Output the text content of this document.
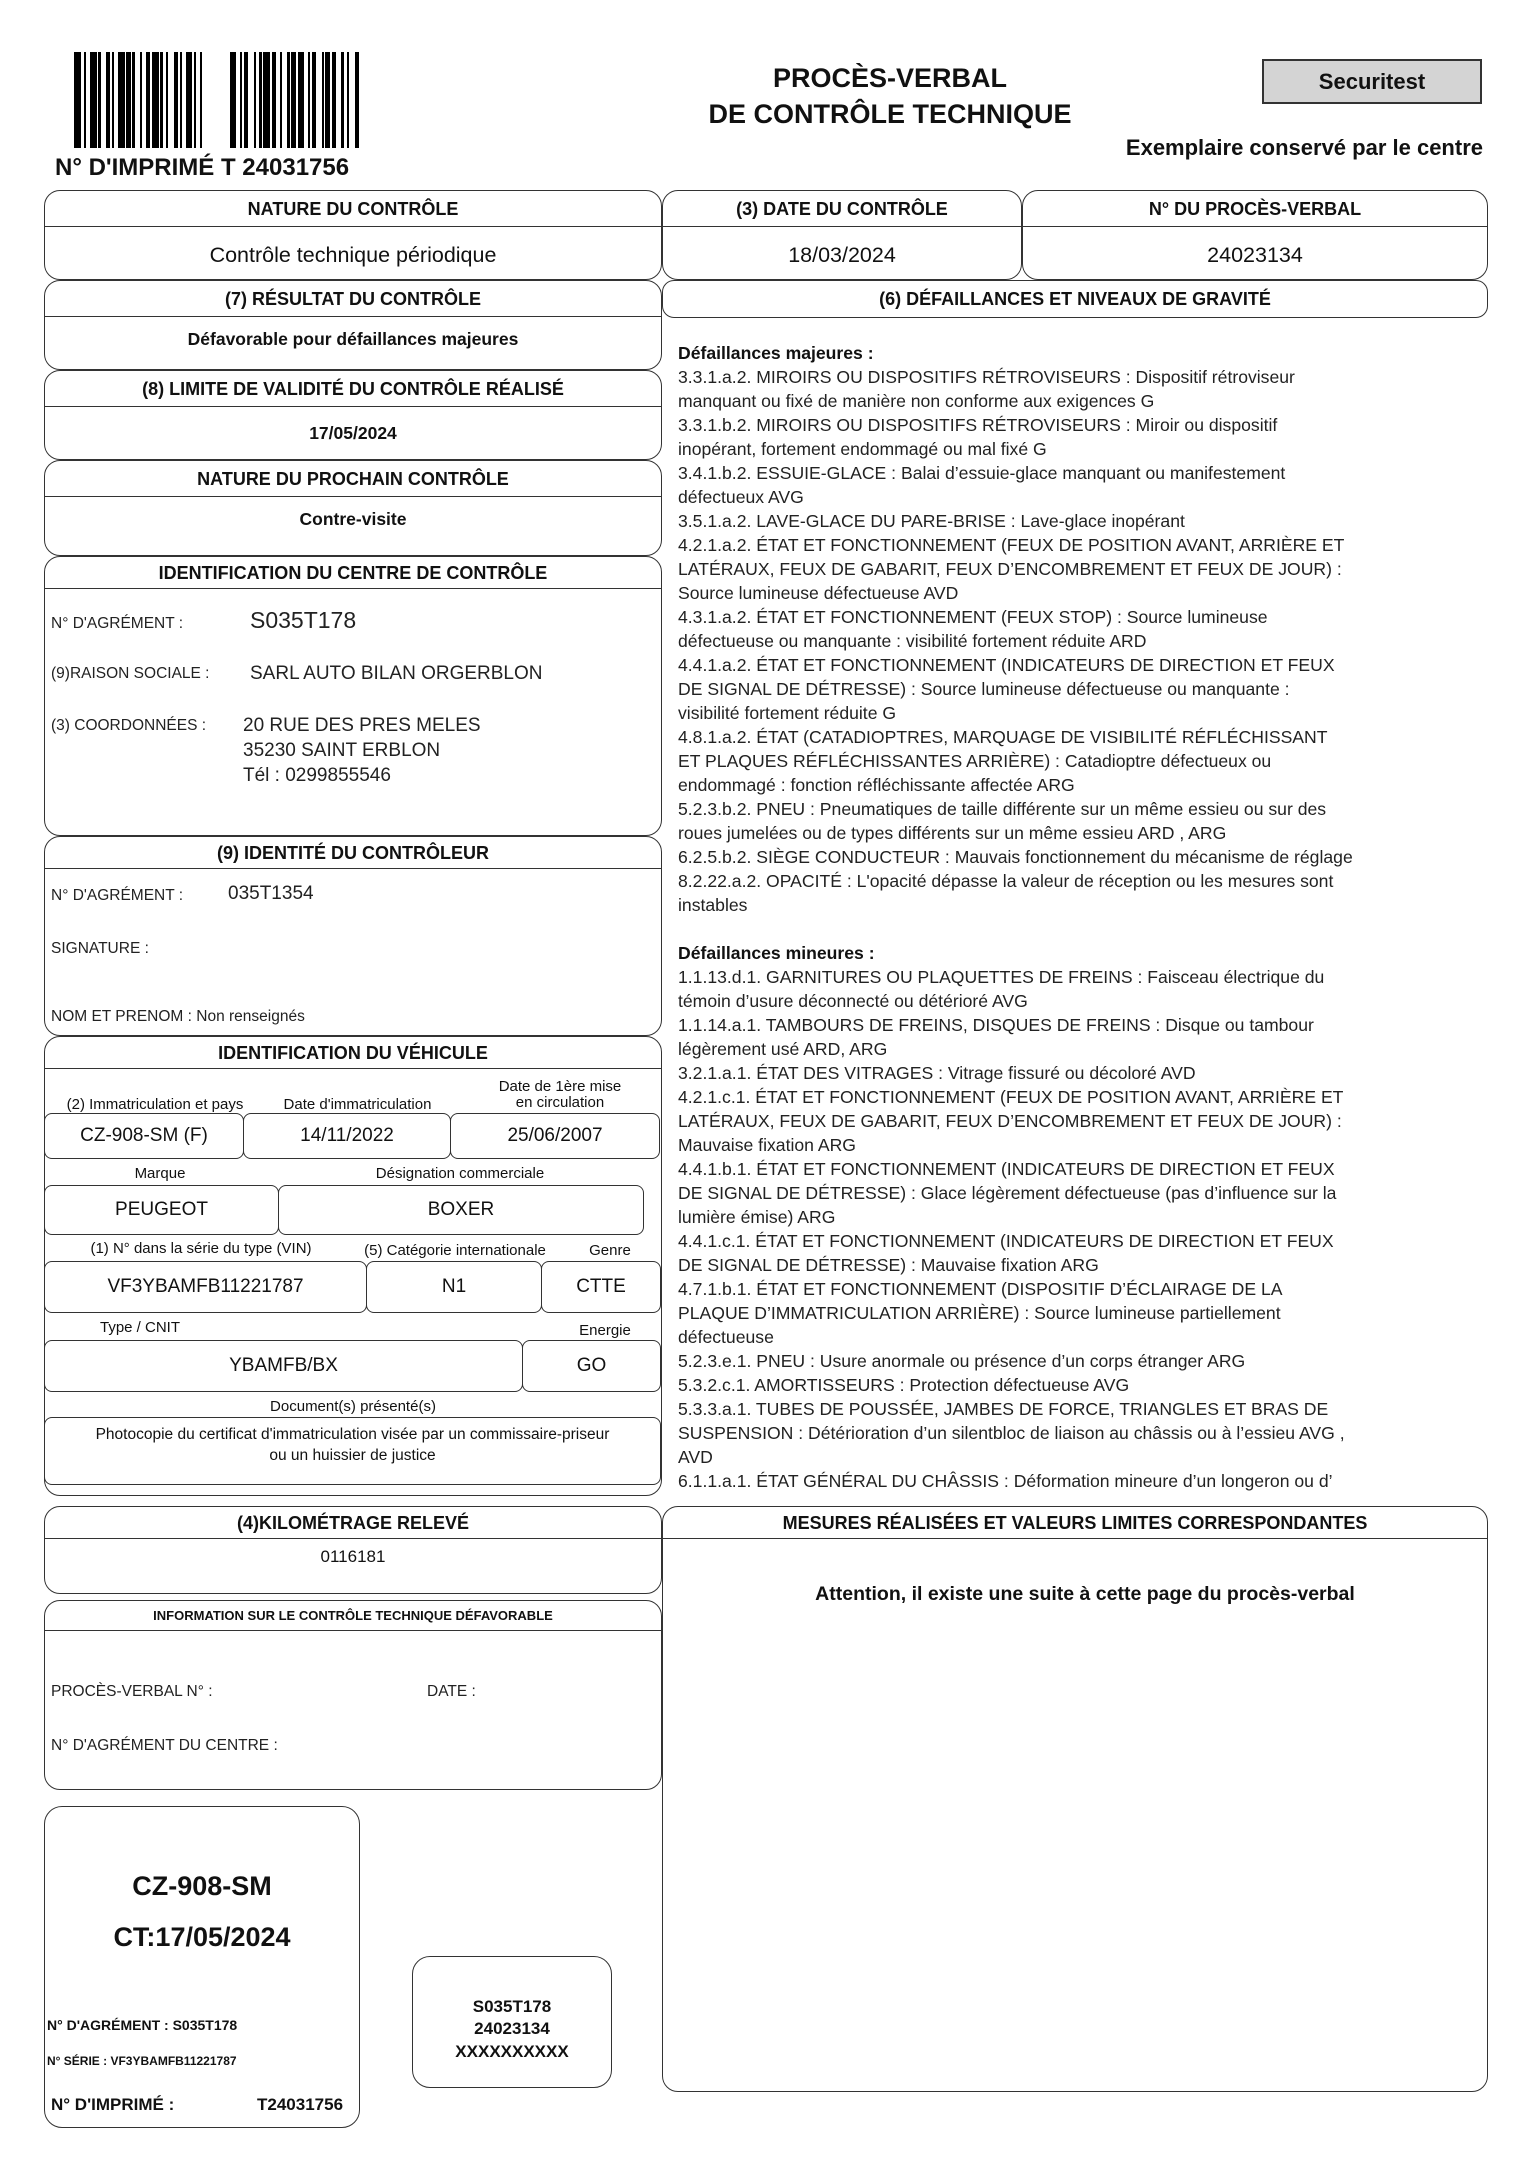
N° D'IMPRIMÉ T 24031756
PROCÈS-VERBAL
DE CONTRÔLE TECHNIQUE
Securitest
Exemplaire conservé par le centre
NATURE DU CONTRÔLE
Contrôle technique périodique
(3) DATE DU CONTRÔLE
18/03/2024
N° DU PROCÈS-VERBAL
24023134
(7) RÉSULTAT DU CONTRÔLE
Défavorable pour défaillances majeures
(8) LIMITE DE VALIDITÉ DU CONTRÔLE RÉALISÉ
17/05/2024
NATURE DU PROCHAIN CONTRÔLE
Contre-visite
IDENTIFICATION DU CENTRE DE CONTRÔLE
N° D'AGRÉMENT :	S035T178
(9)RAISON SOCIALE : SARL AUTO BILAN ORGERBLON
(3) COORDONNÉES : 20 RUE DES PRES MELES
35230 SAINT ERBLON
Tél : 0299855546
(9) IDENTITÉ DU CONTRÔLEUR
N° D'AGRÉMENT : 035T1354
SIGNATURE :
NOM ET PRENOM : Non renseignés
IDENTIFICATION DU VÉHICULE
(2) Immatriculation et pays	Date d'immatriculation
Date de 1ère mise
en circulation
CZ-908-SM (F)	14/11/2022	25/06/2007
Marque	Désignation commerciale
PEUGEOT	BOXER
(1) N° dans la série du type (VIN)	(5) Catégorie internationale	Genre
VF3YBAMFB11221787	N1	CTTE
Type / CNIT	Energie
YBAMFB/BX	GO
Document(s) présenté(s)
Photocopie du certificat d'immatriculation visée par un commissaire-priseur
ou un huissier de justice
(4)KILOMÉTRAGE RELEVÉ
0116181
INFORMATION SUR LE CONTRÔLE TECHNIQUE DÉFAVORABLE
PROCÈS-VERBAL N° :	DATE :
N° D'AGRÉMENT DU CENTRE :
CZ-908-SM
CT:17/05/2024
N° D'AGRÉMENT : S035T178
N° SÉRIE : VF3YBAMFB11221787
N° D'IMPRIMÉ :	T24031756
S035T178
24023134
XXXXXXXXXX
(6) DÉFAILLANCES ET NIVEAUX DE GRAVITÉ
Défaillances majeures :
3.3.1.a.2. MIROIRS OU DISPOSITIFS RÉTROVISEURS : Dispositif rétroviseur
manquant ou fixé de manière non conforme aux exigences G
3.3.1.b.2. MIROIRS OU DISPOSITIFS RÉTROVISEURS : Miroir ou dispositif
inopérant, fortement endommagé ou mal fixé G
3.4.1.b.2. ESSUIE-GLACE : Balai d’essuie-glace manquant ou manifestement
défectueux AVG
3.5.1.a.2. LAVE-GLACE DU PARE-BRISE : Lave-glace inopérant
4.2.1.a.2. ÉTAT ET FONCTIONNEMENT (FEUX DE POSITION AVANT, ARRIÈRE ET
LATÉRAUX, FEUX DE GABARIT, FEUX D’ENCOMBREMENT ET FEUX DE JOUR) :
Source lumineuse défectueuse AVD
4.3.1.a.2. ÉTAT ET FONCTIONNEMENT (FEUX STOP) : Source lumineuse
défectueuse ou manquante : visibilité fortement réduite ARD
4.4.1.a.2. ÉTAT ET FONCTIONNEMENT (INDICATEURS DE DIRECTION ET FEUX
DE SIGNAL DE DÉTRESSE) : Source lumineuse défectueuse ou manquante :
visibilité fortement réduite G
4.8.1.a.2. ÉTAT (CATADIOPTRES, MARQUAGE DE VISIBILITÉ RÉFLÉCHISSANT
ET PLAQUES RÉFLÉCHISSANTES ARRIÈRE) : Catadioptre défectueux ou
endommagé : fonction réfléchissante affectée ARG
5.2.3.b.2. PNEU : Pneumatiques de taille différente sur un même essieu ou sur des
roues jumelées ou de types différents sur un même essieu ARD , ARG
6.2.5.b.2. SIÈGE CONDUCTEUR : Mauvais fonctionnement du mécanisme de réglage
8.2.22.a.2. OPACITÉ : L'opacité dépasse la valeur de réception ou les mesures sont
instables
Défaillances mineures :
1.1.13.d.1. GARNITURES OU PLAQUETTES DE FREINS : Faisceau électrique du
témoin d’usure déconnecté ou détérioré AVG
1.1.14.a.1. TAMBOURS DE FREINS, DISQUES DE FREINS : Disque ou tambour
légèrement usé ARD, ARG
3.2.1.a.1. ÉTAT DES VITRAGES : Vitrage fissuré ou décoloré AVD
4.2.1.c.1. ÉTAT ET FONCTIONNEMENT (FEUX DE POSITION AVANT, ARRIÈRE ET
LATÉRAUX, FEUX DE GABARIT, FEUX D’ENCOMBREMENT ET FEUX DE JOUR) :
Mauvaise fixation ARG
4.4.1.b.1. ÉTAT ET FONCTIONNEMENT (INDICATEURS DE DIRECTION ET FEUX
DE SIGNAL DE DÉTRESSE) : Glace légèrement défectueuse (pas d’influence sur la
lumière émise) ARG
4.4.1.c.1. ÉTAT ET FONCTIONNEMENT (INDICATEURS DE DIRECTION ET FEUX
DE SIGNAL DE DÉTRESSE) : Mauvaise fixation ARG
4.7.1.b.1. ÉTAT ET FONCTIONNEMENT (DISPOSITIF D’ÉCLAIRAGE DE LA
PLAQUE D’IMMATRICULATION ARRIÈRE) : Source lumineuse partiellement
défectueuse
5.2.3.e.1. PNEU : Usure anormale ou présence d’un corps étranger ARG
5.3.2.c.1. AMORTISSEURS : Protection défectueuse AVG
5.3.3.a.1. TUBES DE POUSSÉE, JAMBES DE FORCE, TRIANGLES ET BRAS DE
SUSPENSION : Détérioration d’un silentbloc de liaison au châssis ou à l’essieu AVG ,
AVD
6.1.1.a.1. ÉTAT GÉNÉRAL DU CHÂSSIS : Déformation mineure d’un longeron ou d’
MESURES RÉALISÉES ET VALEURS LIMITES CORRESPONDANTES
Attention, il existe une suite à cette page du procès-verbal
